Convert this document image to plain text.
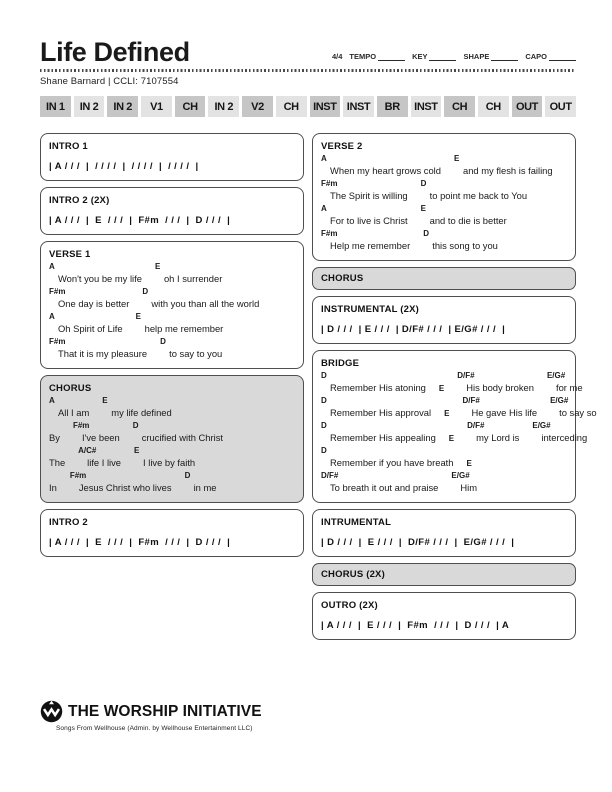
Life Defined	4/4 TEMPO	KEY	SHAPE	CAPO
Shane Barnard | CCLI: 7107554
IN 1	IN 2	IN 2	V1	CH	IN 2	V2	CH	INST INST	BR	INST	CH	CH	OUT	OUT
INTRO 1
| A / / /  |  / / / /  |  / / / /  |  / / / /  |
INTRO 2 (2X)
| A / / /  |  E  / / /  |  F#m  / / /  |  D / / /  |
VERSE 1
A
Won't you be my life
E
oh I surrender
F#m
One day is better
D
with you than all the world
A
Oh Spirit of Life
E
help me remember
F#m
That it is my pleasure
D
to say to you
CHORUS
A
All I am
E
my life defined
By
F#m
I've been
D
crucified with Christ
The
A/C#
life I live
E
I live by faith
In
F#m
Jesus Christ who lives
D
in me
INTRO 2
| A / / /  |  E  / / /  |  F#m  / / /  |  D / / /  |
VERSE 2
A
When my heart grows cold
E
and my flesh is failing
F#m
The Spirit is willing
D
to point me back to You
A
For to live is Christ
E
and to die is better
F#m
Help me remember
D
this song to you
CHORUS
INSTRUMENTAL (2X)
| D / / /  | E / / /  | D/F# / / /  | E/G# / / /  |
BRIDGE
D
Remember His atoning E
D/F#
His body broken
E/G#
for me
D
Remember His approval E
D/F#
He gave His life
E/G#
to say so
D
Remember His appealing E
D/F#
my Lord is
E/G#
interceding
D
Remember if you have breath E
D/F#
To breath it out and praise
E/G#
Him
INTRUMENTAL
| D / / /  |  E / / /  |  D/F# / / /  |  E/G# / / /  |
CHORUS (2X)
OUTRO (2X)
| A / / /  |  E / / /  |  F#m  / / /  |  D / / /  | A
THE WORSHIP INITIATIVE
Songs From Wellhouse (Admin. by Wellhouse Entertainment LLC)
